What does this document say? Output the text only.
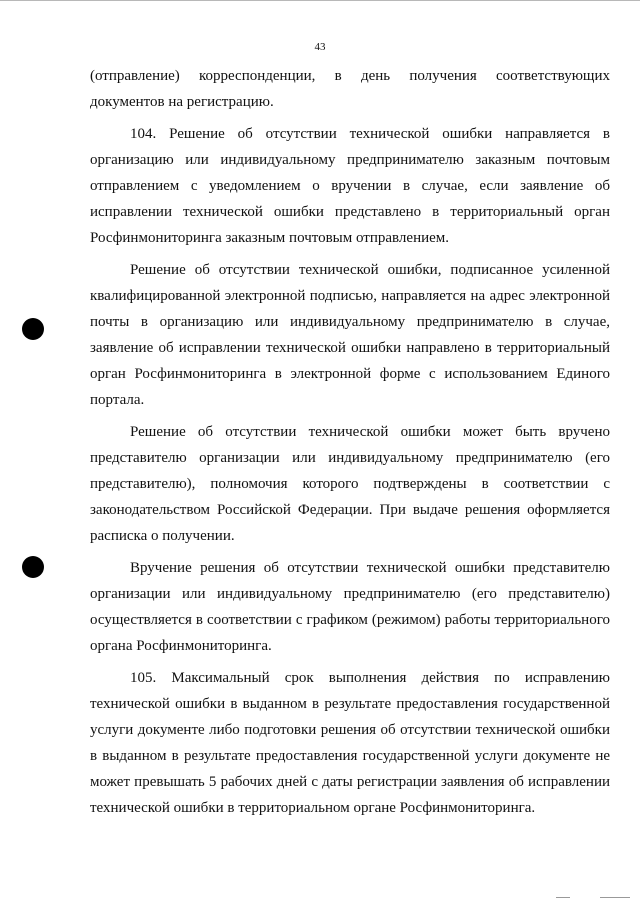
43

(отправление) корреспонденции, в день получения соответствующих документов на регистрацию.

104. Решение об отсутствии технической ошибки направляется в организацию или индивидуальному предпринимателю заказным почтовым отправлением с уведомлением о вручении в случае, если заявление об исправлении технической ошибки представлено в территориальный орган Росфинмониторинга заказным почтовым отправлением.

Решение об отсутствии технической ошибки, подписанное усиленной квалифицированной электронной подписью, направляется на адрес электронной почты в организацию или индивидуальному предпринимателю в случае, заявление об исправлении технической ошибки направлено в территориальный орган Росфинмониторинга в электронной форме с использованием Единого портала.

Решение об отсутствии технической ошибки может быть вручено представителю организации или индивидуальному предпринимателю (его представителю), полномочия которого подтверждены в соответствии с законодательством Российской Федерации. При выдаче решения оформляется расписка о получении.

Вручение решения об отсутствии технической ошибки представителю организации или индивидуальному предпринимателю (его представителю) осуществляется в соответствии с графиком (режимом) работы территориального органа Росфинмониторинга.

105. Максимальный срок выполнения действия по исправлению технической ошибки в выданном в результате предоставления государственной услуги документе либо подготовки решения об отсутствии технической ошибки в выданном в результате предоставления государственной услуги документе не может превышать 5 рабочих дней с даты регистрации заявления об исправлении технической ошибки в территориальном органе Росфинмониторинга.
